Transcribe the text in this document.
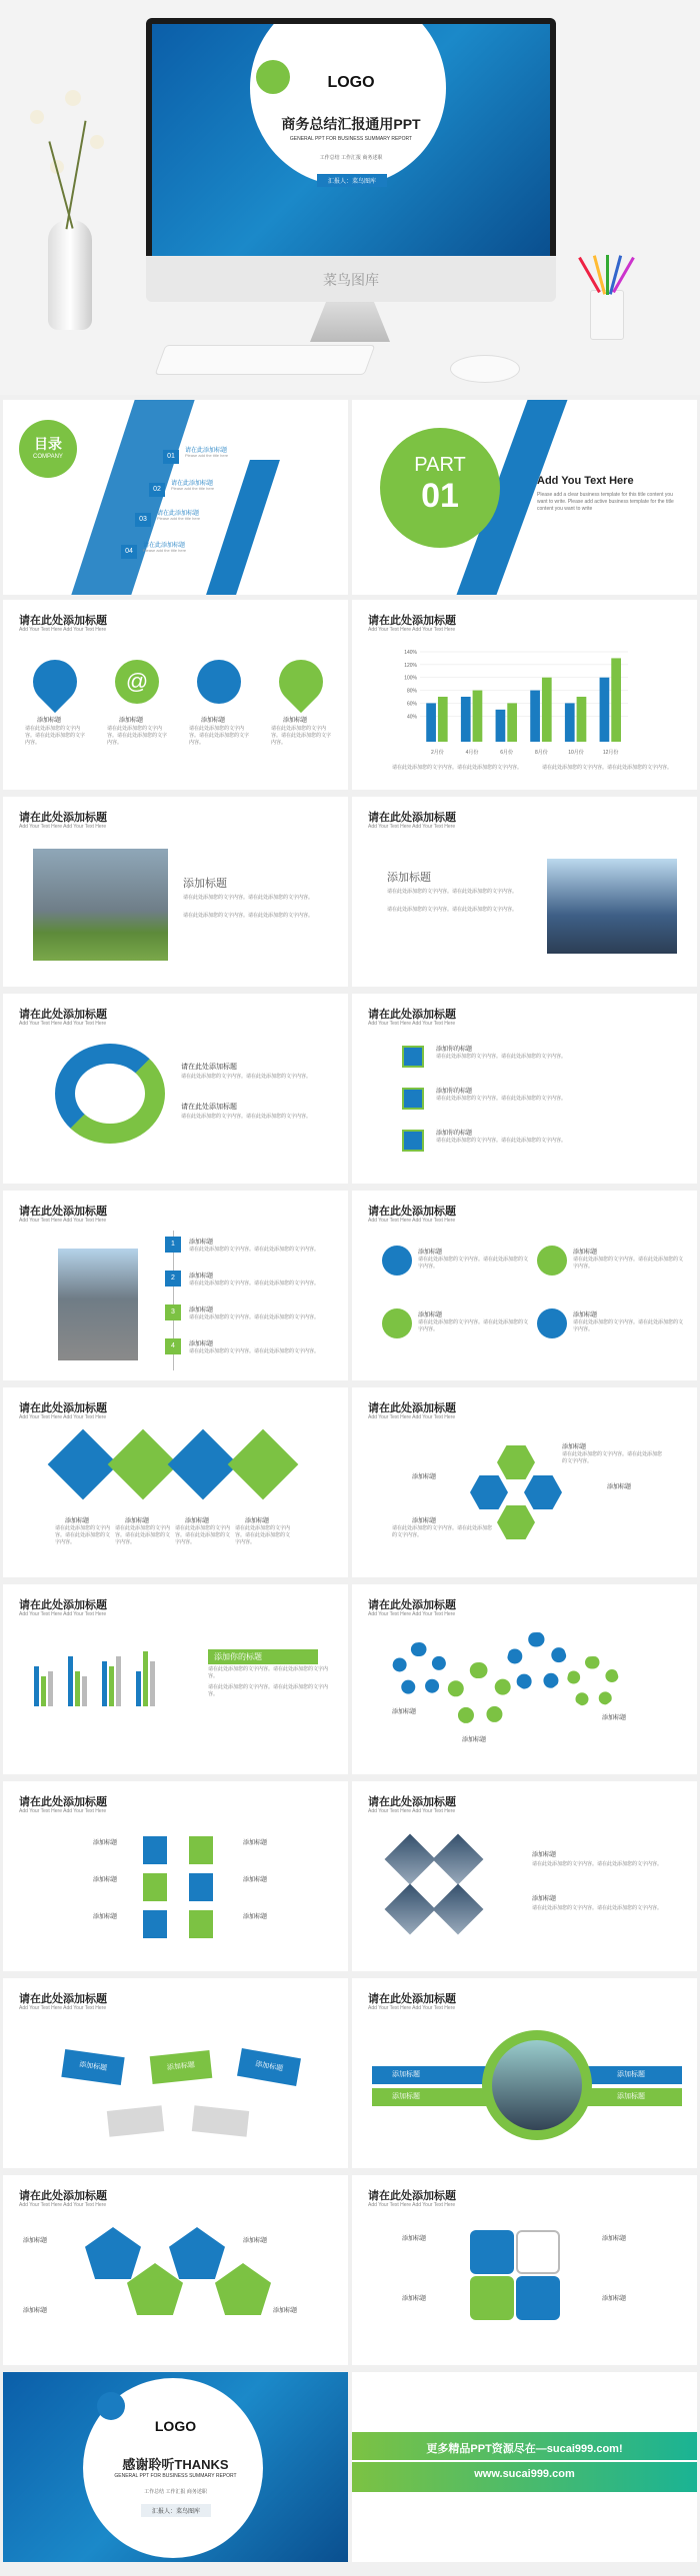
LOGO
商务总结汇报通用PPT
GENERAL PPT FOR BUSINESS SUMMARY REPORT
工作总结 工作汇报 商务述职
汇报人：菜鸟图库
菜鸟图库
目录
COMPANY	01
请在此添加标题
Please add the title here
02
请在此添加标题
Please add the title here
03
请在此添加标题
Please add the title here
04
请在此添加标题
Please add the title here
PART
01	Add You Text Here
Please add a clear business template for this title content you want to write. Please add active business template for the title content you want to write
请在此处添加标题
Add Your Text Here Add Your Text Here
@
添加标题	添加标题	添加标题	添加标题
请在此处添加您的文字内容。请在此处添加您的文字内容。
请在此处添加您的文字内容。请在此处添加您的文字内容。
请在此处添加您的文字内容。请在此处添加您的文字内容。
请在此处添加您的文字内容。请在此处添加您的文字内容。
请在此处添加标题
Add Your Text Here Add Your Text Here
140%
120%
100%
80%
60%
40%
2月份	4月份	6月份	8月份	10月份	12月份
请在此处添加您的文字内容。请在此处添加您的文字内容。	请在此处添加您的文字内容。请在此处添加您的文字内容。
请在此处添加标题
Add Your Text Here Add Your Text Here
添加标题
请在此处添加您的文字内容。请在此处添加您的文字内容。
请在此处添加您的文字内容。请在此处添加您的文字内容。
请在此处添加标题
Add Your Text Here Add Your Text Here
添加标题
请在此处添加您的文字内容。请在此处添加您的文字内容。
请在此处添加您的文字内容。请在此处添加您的文字内容。
请在此处添加标题
Add Your Text Here Add Your Text Here
请在此处添加标题
请在此处添加您的文字内容。请在此处添加您的文字内容。
请在此处添加标题
请在此处添加您的文字内容。请在此处添加您的文字内容。
请在此处添加标题
Add Your Text Here Add Your Text Here
添加你的标题
请在此处添加您的文字内容。请在此处添加您的文字内容。
添加你的标题
请在此处添加您的文字内容。请在此处添加您的文字内容。
添加你的标题
请在此处添加您的文字内容。请在此处添加您的文字内容。
请在此处添加标题
Add Your Text Here Add Your Text Here
1
2
3
4
添加标题
请在此处添加您的文字内容。请在此处添加您的文字内容。
添加标题
请在此处添加您的文字内容。请在此处添加您的文字内容。
添加标题
请在此处添加您的文字内容。请在此处添加您的文字内容。
添加标题
请在此处添加您的文字内容。请在此处添加您的文字内容。
请在此处添加标题
Add Your Text Here Add Your Text Here
添加标题
请在此处添加您的文字内容。请在此处添加您的文字内容。
添加标题
请在此处添加您的文字内容。请在此处添加您的文字内容。
添加标题
请在此处添加您的文字内容。请在此处添加您的文字内容。
添加标题
请在此处添加您的文字内容。请在此处添加您的文字内容。
请在此处添加标题
Add Your Text Here Add Your Text Here
添加标题	添加标题	添加标题	添加标题
请在此处添加您的文字内容。请在此处添加您的文字内容。
请在此处添加您的文字内容。请在此处添加您的文字内容。
请在此处添加您的文字内容。请在此处添加您的文字内容。
请在此处添加您的文字内容。请在此处添加您的文字内容。
请在此处添加标题
Add Your Text Here Add Your Text Here
添加标题
添加标题
添加标题
添加标题
请在此处添加您的文字内容。请在此处添加您的文字内容。
请在此处添加您的文字内容。请在此处添加您的文字内容。
请在此处添加标题
Add Your Text Here Add Your Text Here
添加你的标题
请在此处添加您的文字内容。请在此处添加您的文字内容。
请在此处添加您的文字内容。请在此处添加您的文字内容。
请在此处添加标题
Add Your Text Here Add Your Text Here
添加标题
添加标题
添加标题
请在此处添加标题
Add Your Text Here Add Your Text Here
添加标题
添加标题
添加标题
添加标题
添加标题
添加标题
请在此处添加标题
Add Your Text Here Add Your Text Here
添加标题
请在此处添加您的文字内容。请在此处添加您的文字内容。
添加标题
请在此处添加您的文字内容。请在此处添加您的文字内容。
请在此处添加标题
Add Your Text Here Add Your Text Here
添加标题	添加标题	添加标题
请在此处添加标题
Add Your Text Here Add Your Text Here
添加标题
添加标题
添加标题
添加标题
请在此处添加标题
Add Your Text Here Add Your Text Here
添加标题	添加标题
添加标题	添加标题
请在此处添加标题
Add Your Text Here Add Your Text Here
添加标题	添加标题
添加标题	添加标题
LOGO
感谢聆听THANKS
GENERAL PPT FOR BUSINESS SUMMARY REPORT
工作总结 工作汇报 商务述职
汇报人：菜鸟图库
更多精品PPT资源尽在—sucai999.com!
www.sucai999.com
